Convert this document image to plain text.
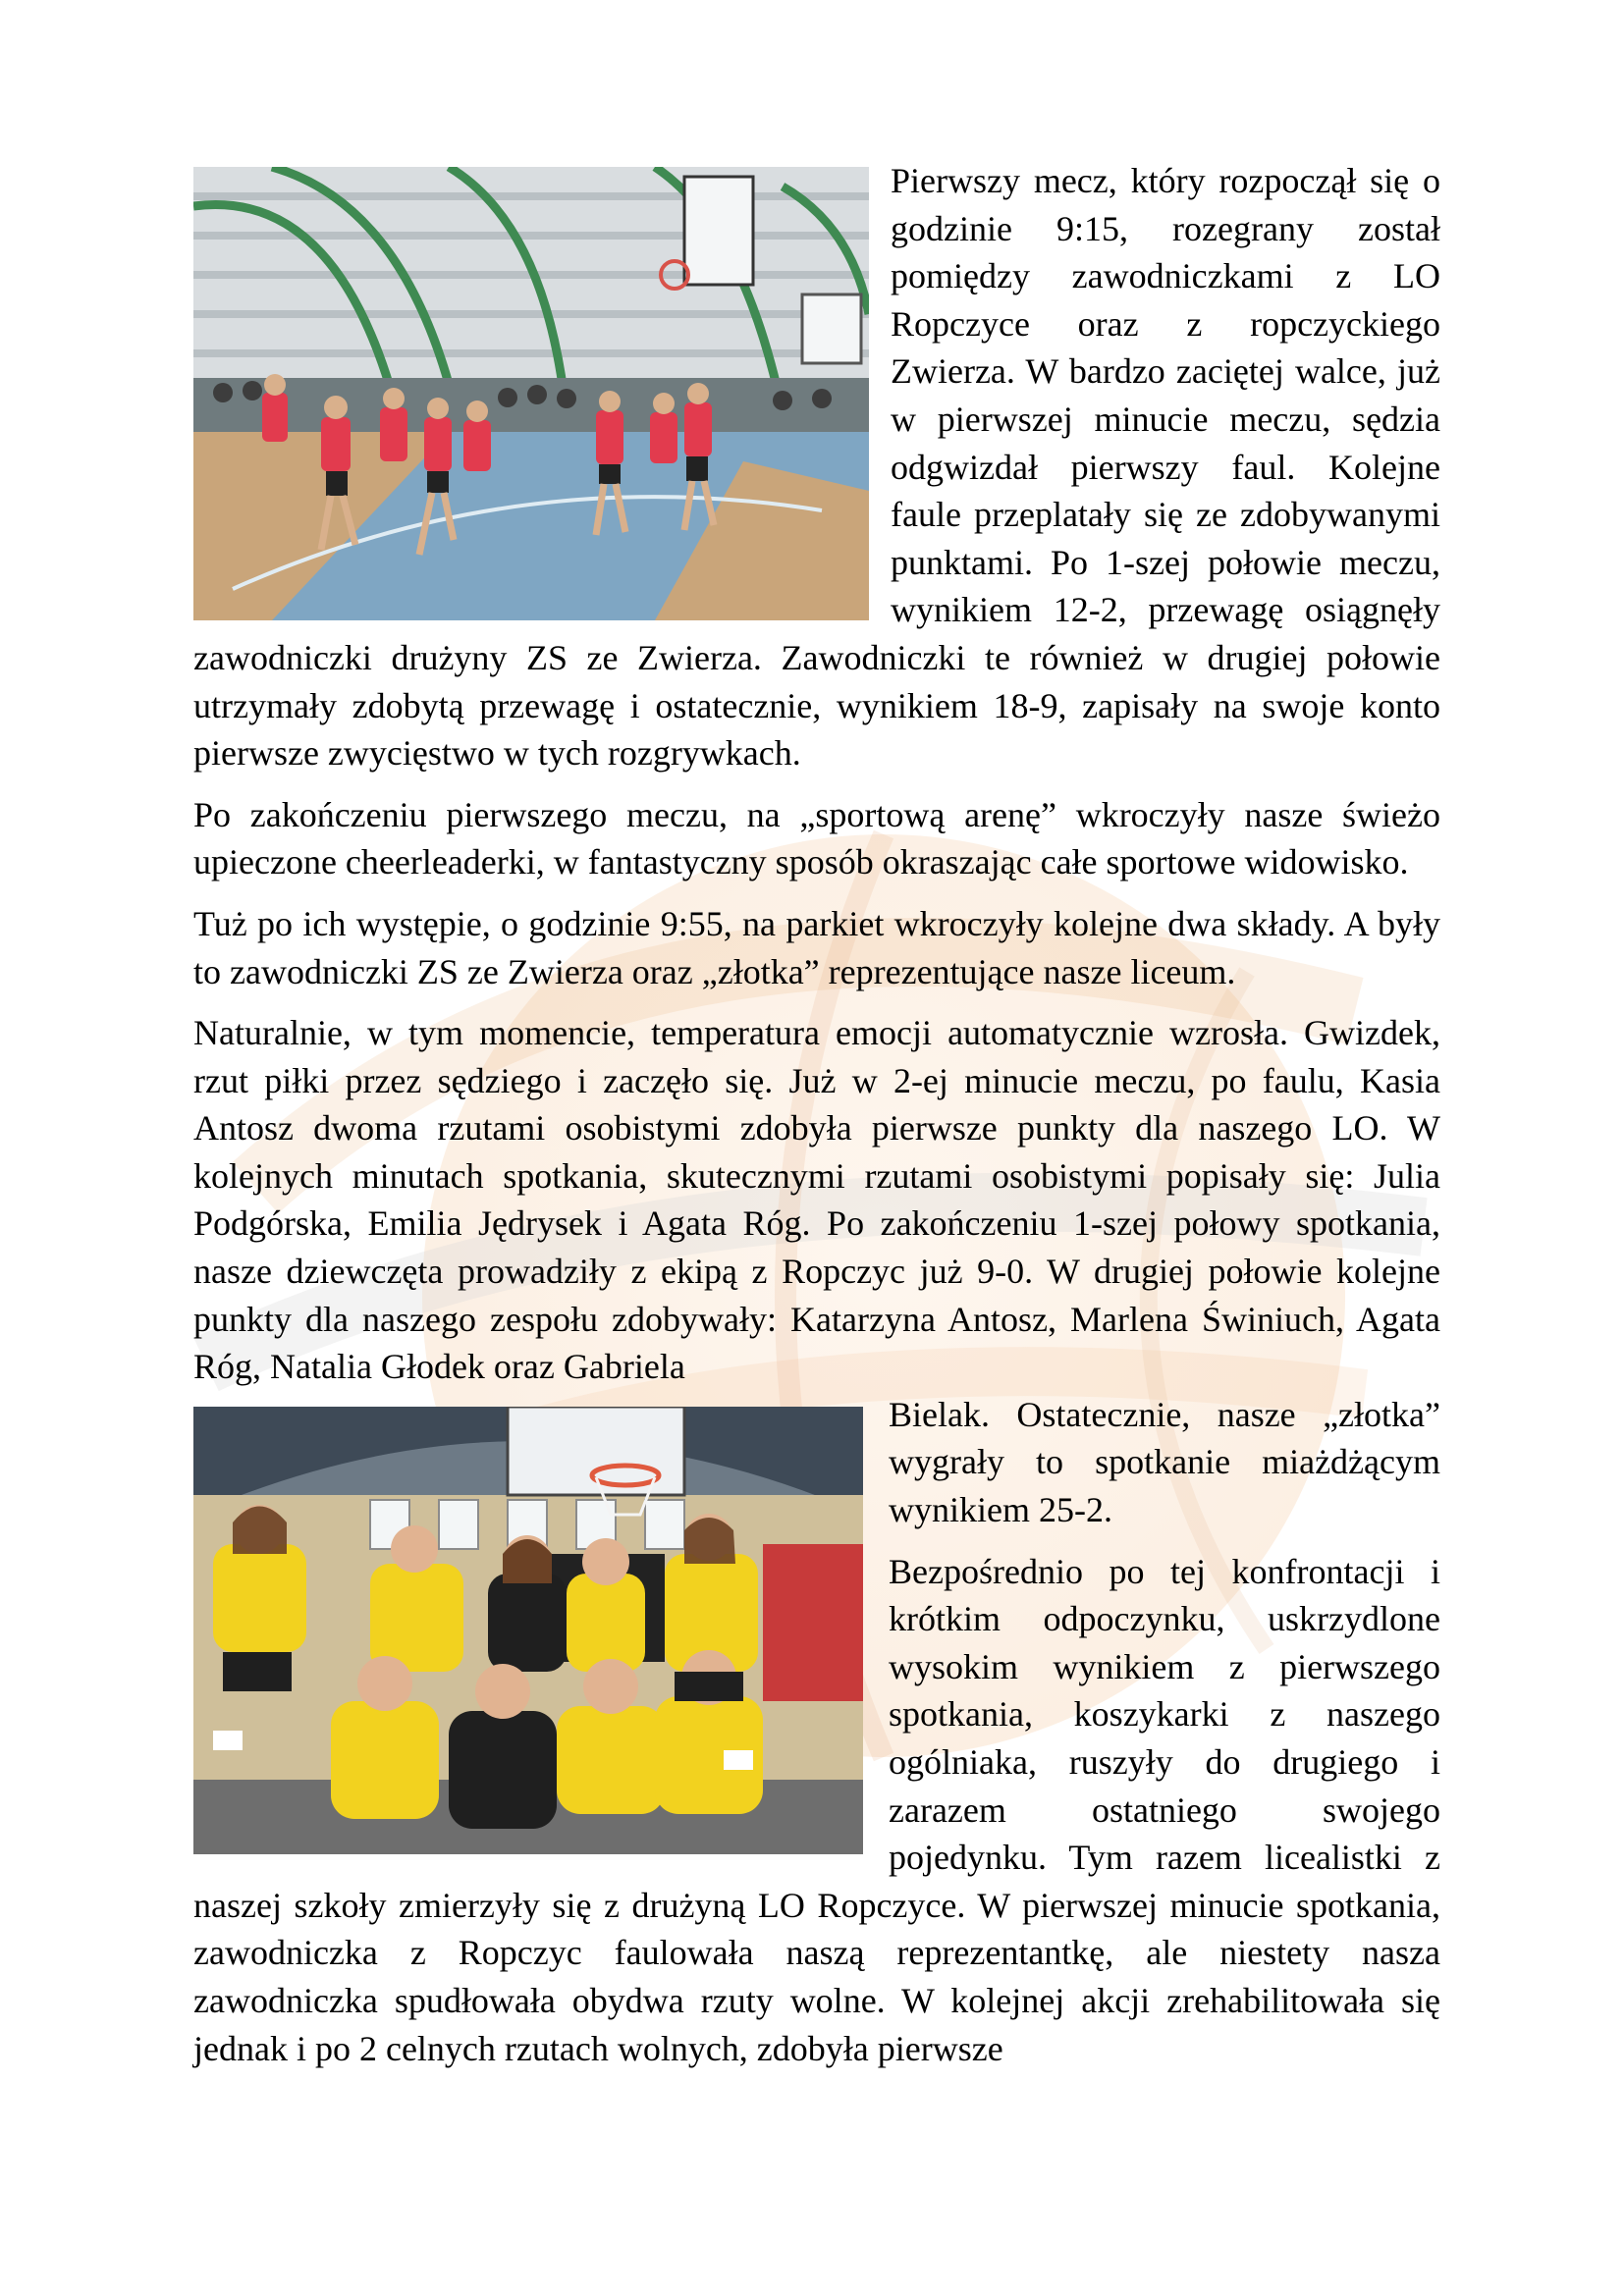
Pierwszy mecz, który rozpoczął się o godzinie 9:15, rozegrany został pomiędzy zawodniczkami z LO Ropczyce oraz z ropczyckiego Zwierza. W bardzo zaciętej walce, już w pierwszej minucie meczu, sędzia odgwizdał pierwszy faul. Kolejne faule przeplatały się ze zdobywanymi punktami. Po 1-szej połowie meczu, wynikiem 12-2, przewagę osiągnęły zawodniczki drużyny ZS ze Zwierza. Zawodniczki te również w drugiej połowie utrzymały zdobytą przewagę i ostatecznie, wynikiem 18-9, zapisały na swoje konto pierwsze zwycięstwo w tych rozgrywkach.

Po zakończeniu pierwszego meczu, na „sportową arenę” wkroczyły nasze świeżo upieczone cheerleaderki, w fantastyczny sposób okraszając całe sportowe widowisko.

Tuż po ich występie, o godzinie 9:55, na parkiet wkroczyły kolejne dwa składy. A były to zawodniczki ZS ze Zwierza oraz „złotka” reprezentujące nasze liceum.

Naturalnie, w tym momencie, temperatura emocji automatycznie wzrosła. Gwizdek, rzut piłki przez sędziego i zaczęło się. Już w 2-ej minucie meczu, po faulu, Kasia Antosz dwoma rzutami osobistymi zdobyła pierwsze punkty dla naszego LO. W kolejnych minutach spotkania, skutecznymi rzutami osobistymi popisały się: Julia Podgórska, Emilia Jędrysek i Agata Róg. Po zakończeniu 1-szej połowy spotkania, nasze dziewczęta prowadziły z ekipą z Ropczyc już 9-0. W drugiej połowie kolejne punkty dla naszego zespołu zdobywały: Katarzyna Antosz, Marlena Świniuch, Agata Róg, Natalia Głodek oraz Gabriela

Bielak. Ostatecznie, nasze „złotka” wygrały to spotkanie miażdżącym wynikiem 25-2.

Bezpośrednio po tej konfrontacji i krótkim odpoczynku, uskrzydlone wysokim wynikiem z pierwszego spotkania, koszykarki z naszego ogólniaka, ruszyły do drugiego i zarazem ostatniego swojego pojedynku. Tym razem licealistki z naszej szkoły zmierzyły się z drużyną LO Ropczyce. W pierwszej minucie spotkania, zawodniczka z Ropczyc faulowała naszą reprezentantkę, ale niestety nasza zawodniczka spudłowała obydwa rzuty wolne. W kolejnej akcji zrehabilitowała się jednak i po 2 celnych rzutach wolnych, zdobyła pierwsze
